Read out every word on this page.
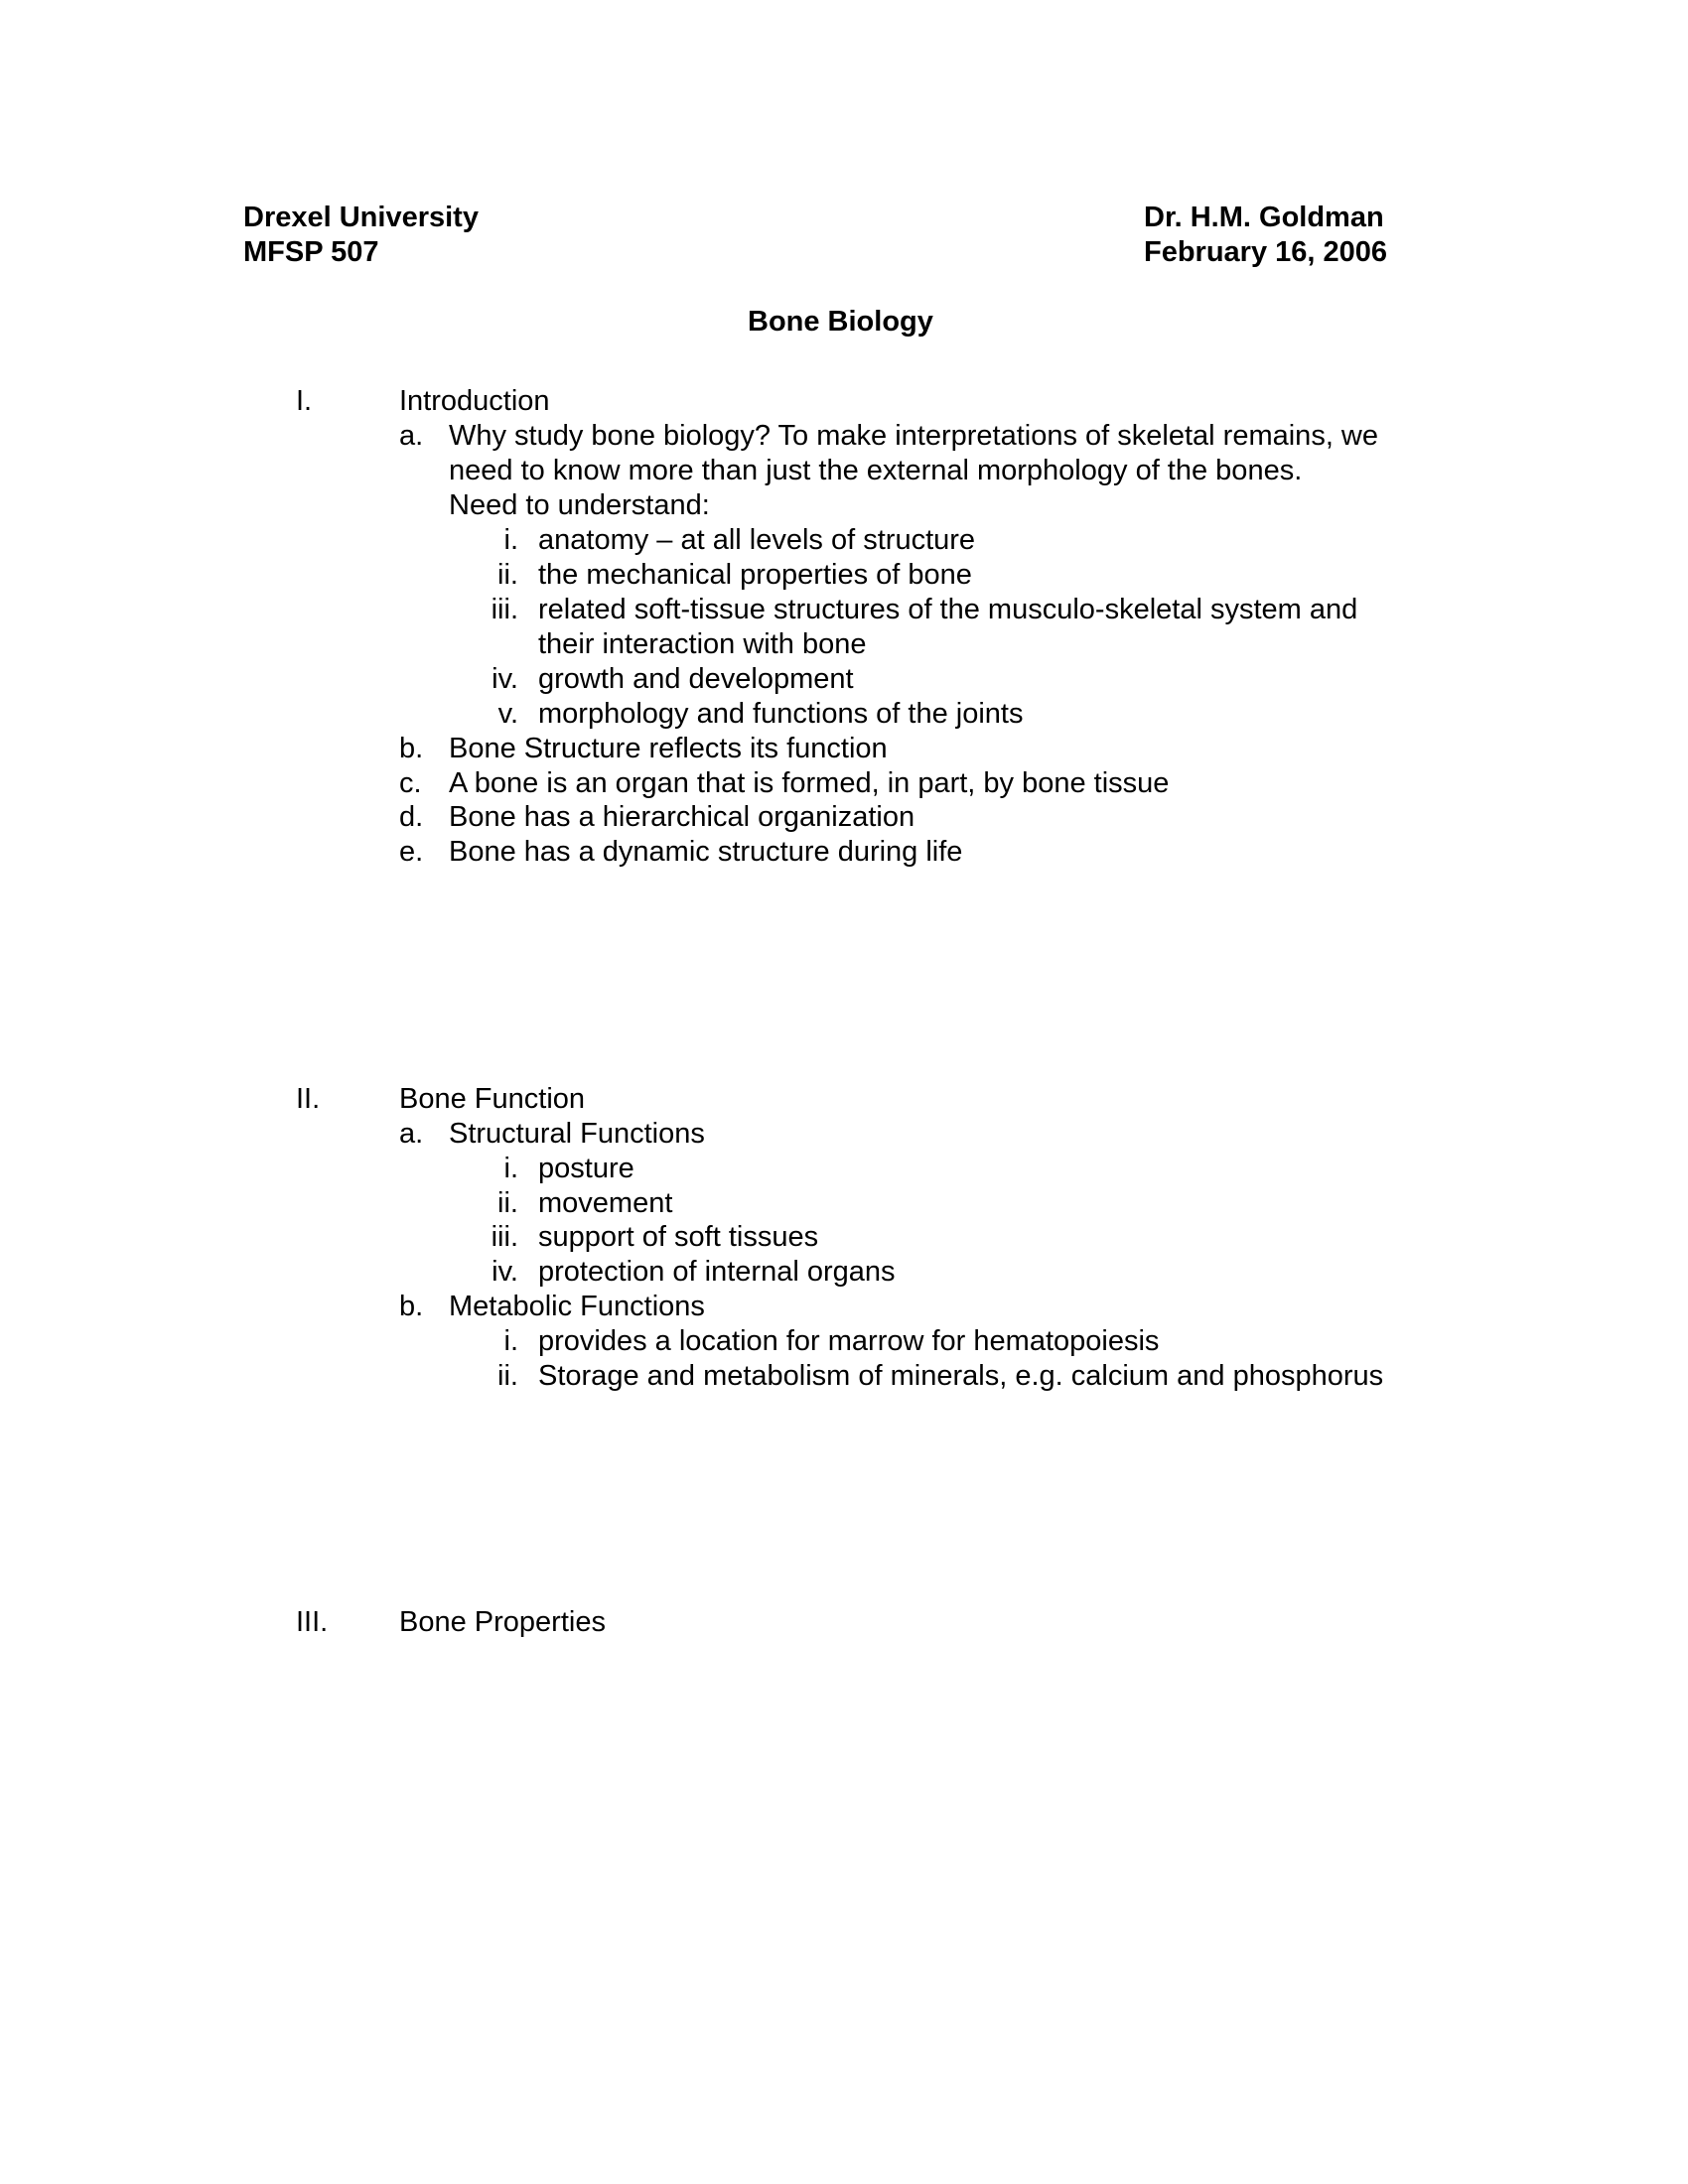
Drexel University
MFSP 507
Dr. H.M. Goldman
February 16, 2006
Bone Biology
I.	Introduction
a. Why study bone biology? To make interpretations of skeletal remains, we
need to know more than just the external morphology of the bones.
Need to understand:
i. anatomy – at all levels of structure
ii. the mechanical properties of bone
iii. related soft-tissue structures of the musculo-skeletal system and
their interaction with bone
iv. growth and development
v. morphology and functions of the joints
b. Bone Structure reflects its function
c. A bone is an organ that is formed, in part, by bone tissue
d. Bone has a hierarchical organization
e. Bone has a dynamic structure during life
II.	Bone Function
a. Structural Functions
i. posture
ii. movement
iii. support of soft tissues
iv. protection of internal organs
b. Metabolic Functions
i. provides a location for marrow for hematopoiesis
ii. Storage and metabolism of minerals, e.g. calcium and phosphorus
III. Bone Properties
